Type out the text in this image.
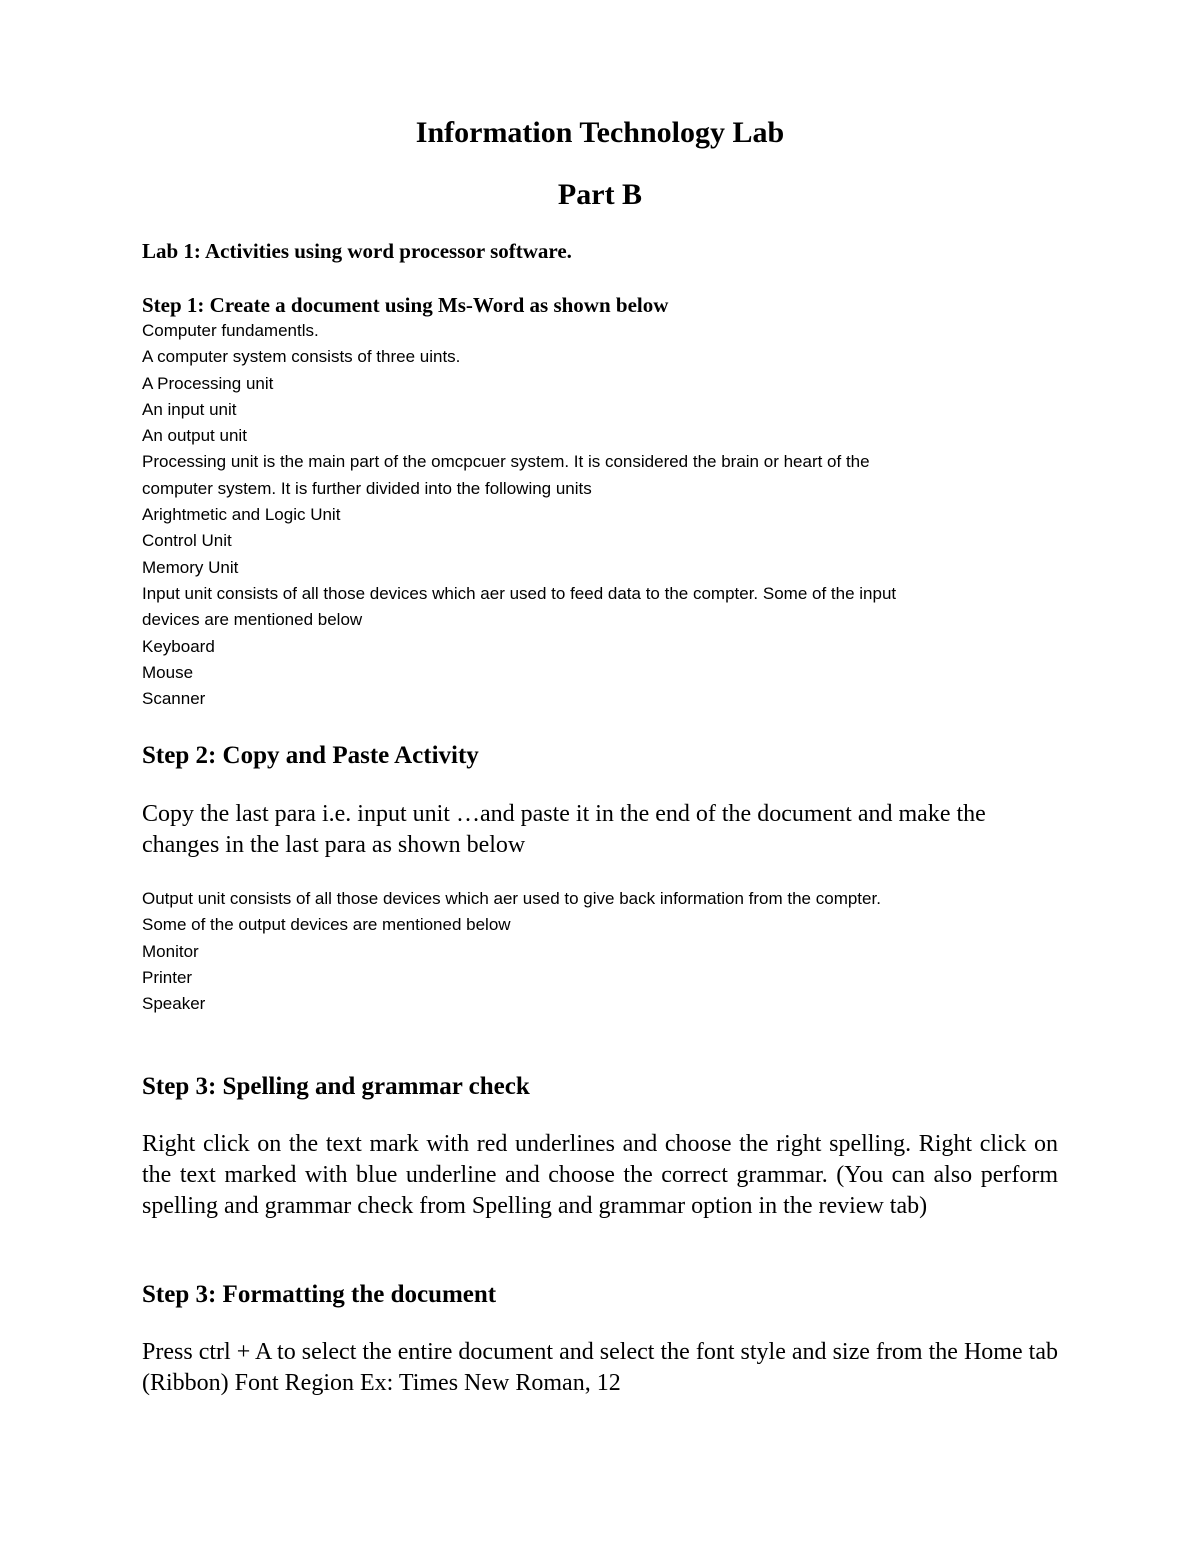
Information Technology Lab
Part B

Lab 1: Activities using word processor software.

Step 1: Create a document using Ms-Word as shown below

Computer fundamentls.
A computer system consists of three uints.
A Processing unit
An input unit
An output unit
Processing unit is the main part of the omcpcuer system. It is considered the brain or heart of the
computer system. It is further divided into the following units
Arightmetic and Logic Unit
Control Unit
Memory Unit
Input unit consists of all those devices which aer used to feed data to the compter. Some of the input
devices are mentioned below
Keyboard
Mouse
Scanner

Step 2: Copy and Paste Activity

Copy the last para i.e. input unit …and paste it in the end of the document and make the changes in the last para as shown below

Output unit consists of all those devices which aer used to give back information from the compter.
Some of the output devices are mentioned below
Monitor
Printer
Speaker

Step 3: Spelling and grammar check

Right click on the text mark with red underlines and choose the right spelling. Right click on the text marked with blue underline and choose the correct grammar. (You can also perform spelling and grammar check from Spelling and grammar option in the review tab)

Step 3: Formatting the document

Press ctrl + A to select the entire document and select the font style and size from the Home tab (Ribbon) Font Region Ex: Times New Roman, 12
